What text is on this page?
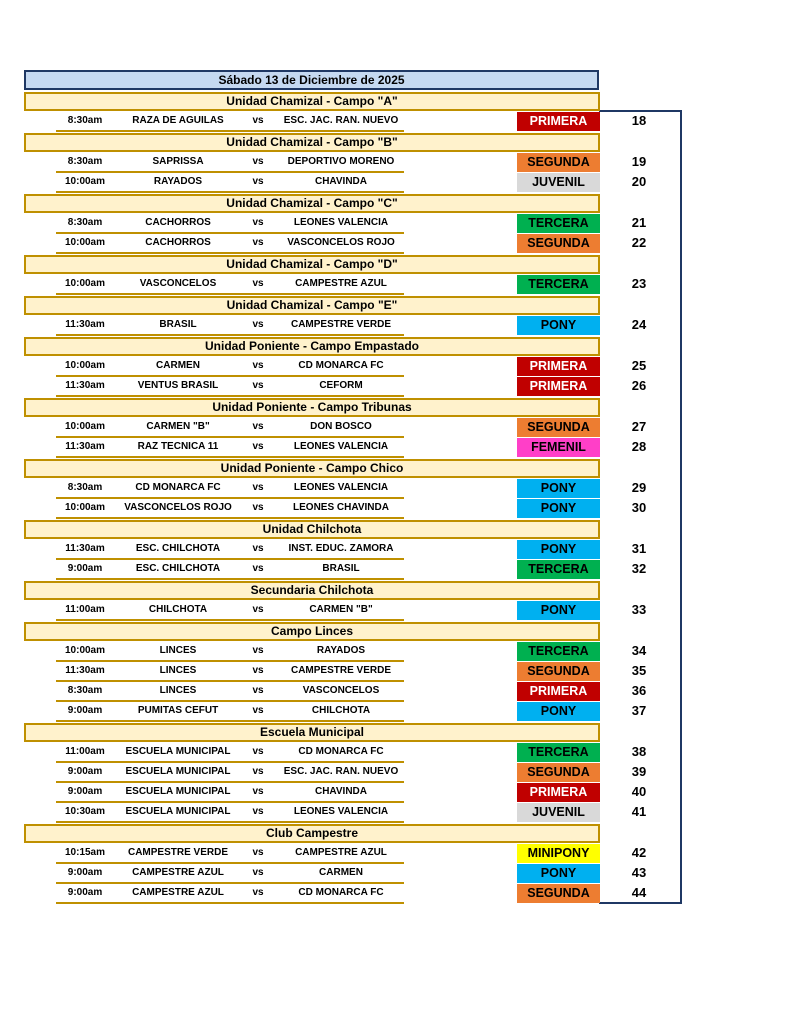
Sábado 13 de Diciembre de 2025
Unidad Chamizal - Campo "A"
8:30am	RAZA DE AGUILAS	vs	ESC. JAC. RAN. NUEVO	PRIMERA	18
Unidad Chamizal - Campo "B"
8:30am	SAPRISSA	vs	DEPORTIVO MORENO	SEGUNDA	19
10:00am	RAYADOS	vs	CHAVINDA	JUVENIL	20
Unidad Chamizal - Campo "C"
8:30am	CACHORROS	vs	LEONES VALENCIA	TERCERA	21
10:00am	CACHORROS	vs	VASCONCELOS ROJO	SEGUNDA	22
Unidad Chamizal - Campo "D"
10:00am	VASCONCELOS	vs	CAMPESTRE AZUL	TERCERA	23
Unidad Chamizal - Campo "E"
11:30am	BRASIL	vs	CAMPESTRE VERDE	PONY	24
Unidad Poniente - Campo Empastado
10:00am	CARMEN	vs	CD MONARCA FC	PRIMERA	25
11:30am	VENTUS BRASIL	vs	CEFORM	PRIMERA	26
Unidad Poniente - Campo Tribunas
10:00am	CARMEN "B"	vs	DON BOSCO	SEGUNDA	27
11:30am	RAZ TECNICA 11	vs	LEONES VALENCIA	FEMENIL	28
Unidad Poniente - Campo Chico
8:30am	CD MONARCA FC	vs	LEONES VALENCIA	PONY	29
10:00am	VASCONCELOS ROJO	vs	LEONES CHAVINDA	PONY	30
Unidad Chilchota
11:30am	ESC. CHILCHOTA	vs	INST. EDUC. ZAMORA	PONY	31
9:00am	ESC. CHILCHOTA	vs	BRASIL	TERCERA	32
Secundaria Chilchota
11:00am	CHILCHOTA	vs	CARMEN "B"	PONY	33
Campo Linces
10:00am	LINCES	vs	RAYADOS	TERCERA	34
11:30am	LINCES	vs	CAMPESTRE VERDE	SEGUNDA	35
8:30am	LINCES	vs	VASCONCELOS	PRIMERA	36
9:00am	PUMITAS CEFUT	vs	CHILCHOTA	PONY	37
Escuela Municipal
11:00am	ESCUELA MUNICIPAL	vs	CD MONARCA FC	TERCERA	38
9:00am	ESCUELA MUNICIPAL	vs	ESC. JAC. RAN. NUEVO	SEGUNDA	39
9:00am	ESCUELA MUNICIPAL	vs	CHAVINDA	PRIMERA	40
10:30am	ESCUELA MUNICIPAL	vs	LEONES VALENCIA	JUVENIL	41
Club Campestre
10:15am	CAMPESTRE VERDE	vs	CAMPESTRE AZUL	MINIPONY	42
9:00am	CAMPESTRE AZUL	vs	CARMEN	PONY	43
9:00am	CAMPESTRE AZUL	vs	CD MONARCA FC	SEGUNDA	44
